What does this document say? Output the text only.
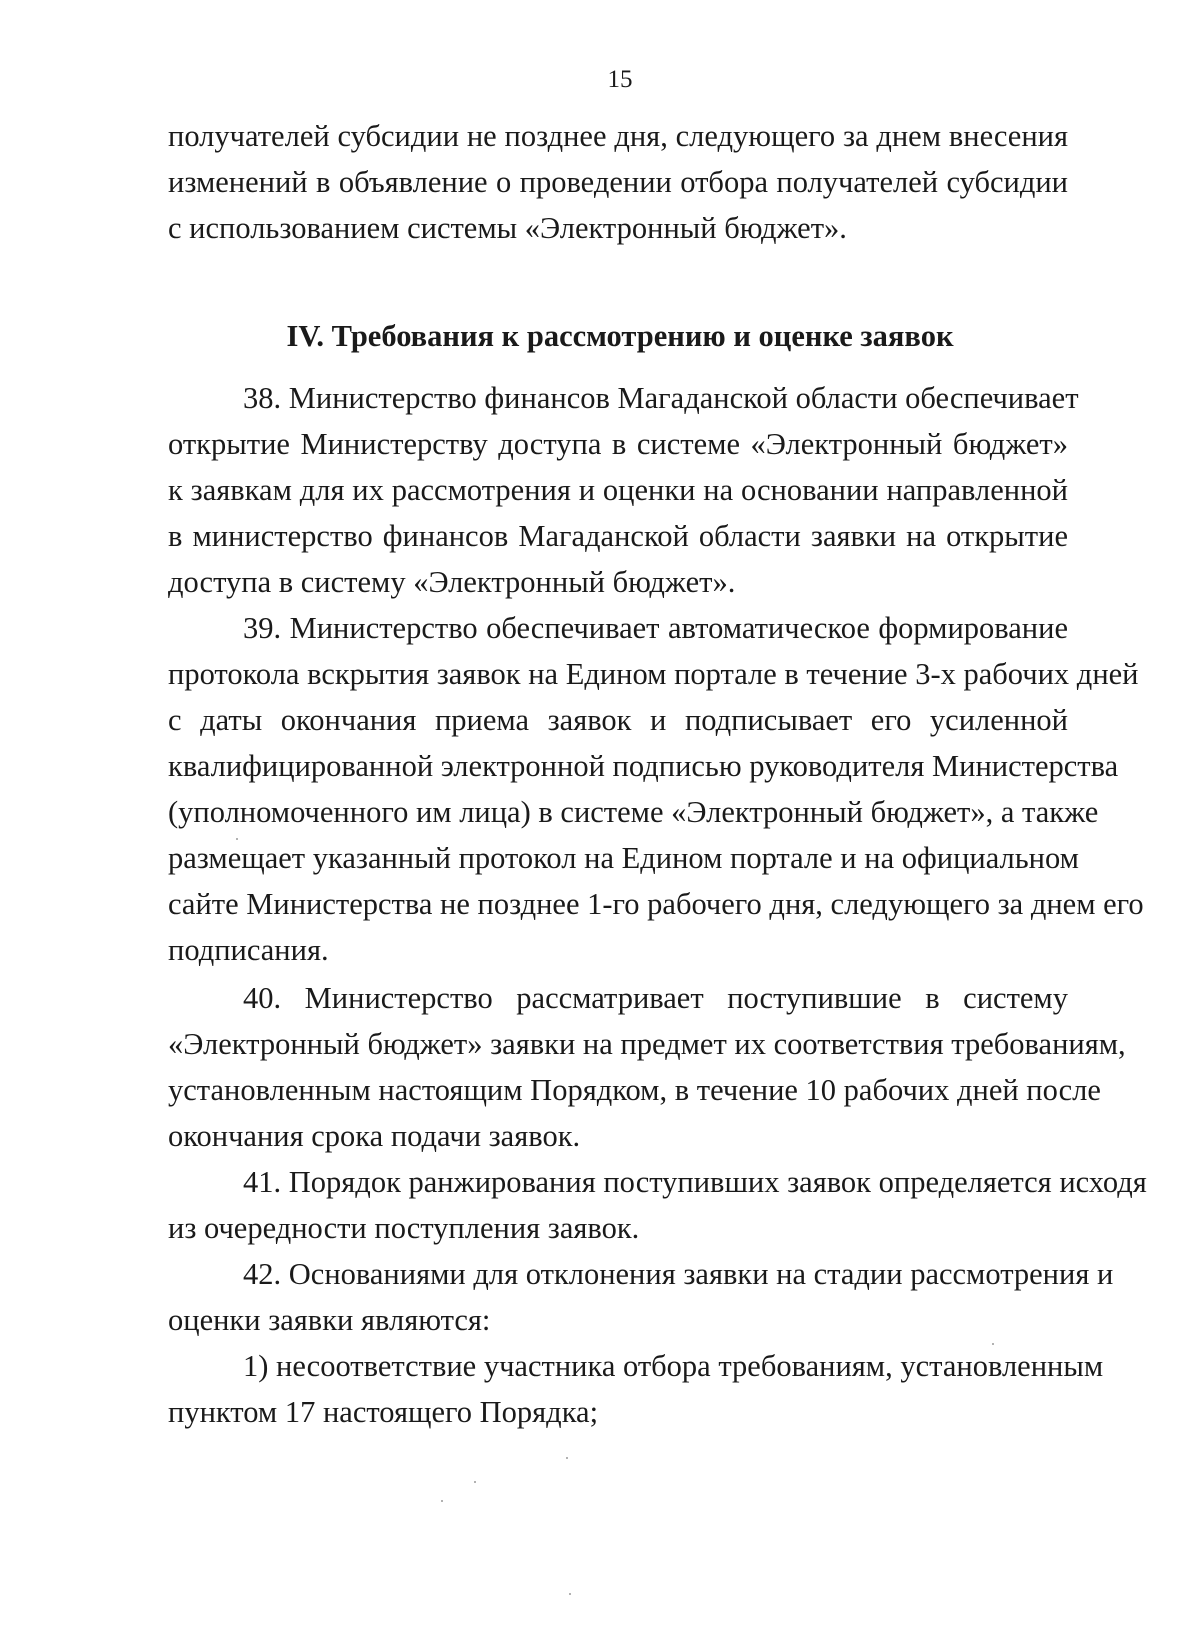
15
получателей субсидии не позднее дня, следующего за днем внесения
изменений в объявление о проведении отбора получателей субсидии
с использованием системы «Электронный бюджет».
IV. Требования к рассмотрению и оценке заявок
38. Министерство финансов Магаданской области обеспечивает
открытие Министерству доступа в системе «Электронный бюджет»
к заявкам для их рассмотрения и оценки на основании направленной
в министерство финансов Магаданской области заявки на открытие
доступа в систему «Электронный бюджет».
39. Министерство обеспечивает автоматическое формирование
протокола вскрытия заявок на Едином портале в течение 3-х рабочих дней
с даты окончания приема заявок и подписывает его усиленной
квалифицированной электронной подписью руководителя Министерства
(уполномоченного им лица) в системе «Электронный бюджет», а также
размещает указанный протокол на Едином портале и на официальном
сайте Министерства не позднее 1-го рабочего дня, следующего за днем его
подписания.
40. Министерство рассматривает поступившие в систему
«Электронный бюджет» заявки на предмет их соответствия требованиям,
установленным настоящим Порядком, в течение 10 рабочих дней после
окончания срока подачи заявок.
41. Порядок ранжирования поступивших заявок определяется исходя
из очередности поступления заявок.
42. Основаниями для отклонения заявки на стадии рассмотрения и
оценки заявки являются:
1) несоответствие участника отбора требованиям, установленным
пунктом 17 настоящего Порядка;
